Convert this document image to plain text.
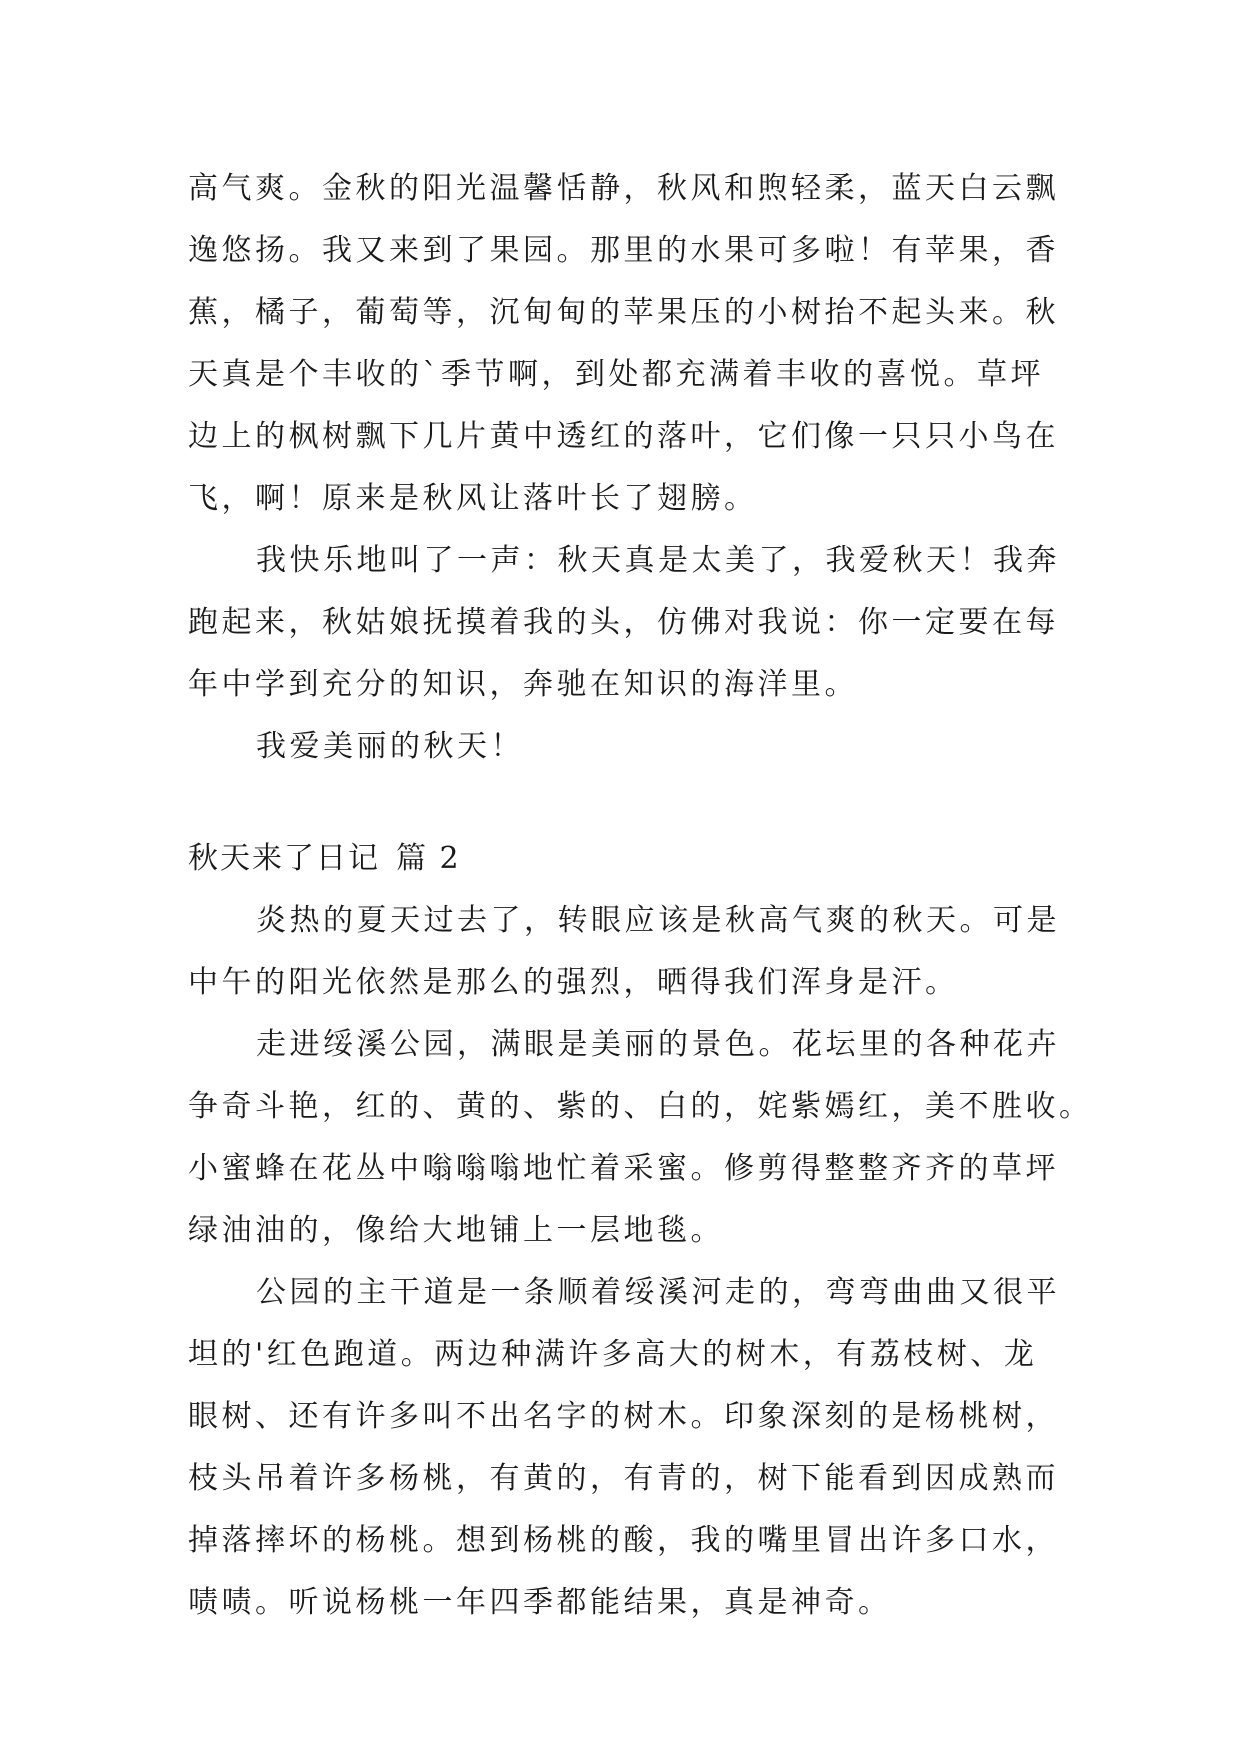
高气爽。金秋的阳光温馨恬静，秋风和煦轻柔，蓝天白云飘
逸悠扬。我又来到了果园。那里的水果可多啦！有苹果，香
蕉，橘子，葡萄等，沉甸甸的苹果压的小树抬不起头来。秋
天真是个丰收的`季节啊，到处都充满着丰收的喜悦。草坪
边上的枫树飘下几片黄中透红的落叶，它们像一只只小鸟在
飞，啊！原来是秋风让落叶长了翅膀。
我快乐地叫了一声：秋天真是太美了，我爱秋天！我奔
跑起来，秋姑娘抚摸着我的头，仿佛对我说：你一定要在每
年中学到充分的知识，奔驰在知识的海洋里。
我爱美丽的秋天！
秋天来了日记 篇 2
炎热的夏天过去了，转眼应该是秋高气爽的秋天。可是
中午的阳光依然是那么的强烈，晒得我们浑身是汗。
走进绥溪公园，满眼是美丽的景色。花坛里的各种花卉
争奇斗艳，红的、黄的、紫的、白的，姹紫嫣红，美不胜收。
小蜜蜂在花丛中嗡嗡嗡地忙着采蜜。修剪得整整齐齐的草坪
绿油油的，像给大地铺上一层地毯。
公园的主干道是一条顺着绥溪河走的，弯弯曲曲又很平
坦的'红色跑道。两边种满许多高大的树木，有荔枝树、龙
眼树、还有许多叫不出名字的树木。印象深刻的是杨桃树，
枝头吊着许多杨桃，有黄的，有青的，树下能看到因成熟而
掉落摔坏的杨桃。想到杨桃的酸，我的嘴里冒出许多口水，
啧啧。听说杨桃一年四季都能结果，真是神奇。
